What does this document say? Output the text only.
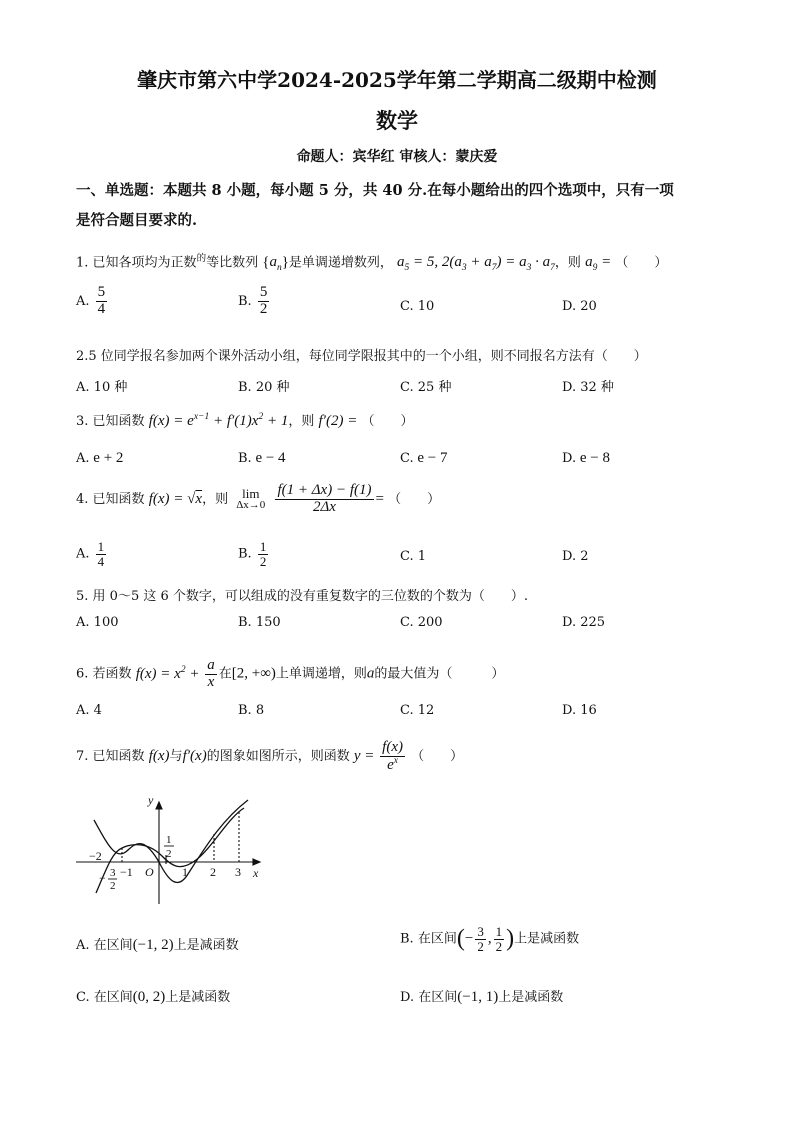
肇庆市第六中学2024-2025学年第二学期高二级期中检测
数学
命题人：宾华红 审核人：蒙庆爱
一、单选题：本题共 8 小题，每小题 5 分，共 40 分.在每小题给出的四个选项中，只有一项
是符合题目要求的.
1. 已知各项均为正数$^的$等比数列 $\{a_n\}$是单调递增数列， $a_5 = 5$, $2(a_3 + a_7) = a_3 \cdot a_7$，则 $a_9$ = （　　）
A. $\frac{5}{4}$	B. $\frac{5}{2}$	C. 10	D. 20
2.5 位同学报名参加两个课外活动小组，每位同学限报其中的一个小组，则不同报名方法有（　　）
A. 10 种	B. 20 种	C. 25 种	D. 32 种
3. 已知函数 $f(x) = e^{x-1} + f'(1)x^2 + 1$，则 f′(2) = （　　）
A. e + 2	B. e − 4	C. e − 7	D. e − 8
4. 已知函数 f(x) = √x，则	lim
Δx→0
$\frac{f(1 + \Delta x) - f(1)}{2\Delta x}$ = （　　）
A. $\frac{1}{4}$	B. $\frac{1}{2}$	C. 1	D. 2
5. 用 0～5 这 6 个数字，可以组成的没有重复数字的三位数的个数为（　　）.
A. 100	B. 150	C. 200	D. 225
6. 若函数 $f(x) = x^2 + \frac{a}{x}$ 在[2, +∞)上单调递增，则a的最大值为（　　　）
A. 4	B. 8	C. 12	D. 16
7. 已知函数 f(x)与f′(x)的图象如图所示，则函数 $y = \frac{f(x)}{e^x}$ （　　）
y
x
O
−2
− 3
2
−1	1 2 3
1
2
A. 在区间(−1, 2)上是减函数	B. 在区间(− $\frac{3}{2}$ , $\frac{1}{2}$ )上是减函数
C. 在区间(0, 2)上是减函数	D. 在区间(−1, 1)上是减函数
